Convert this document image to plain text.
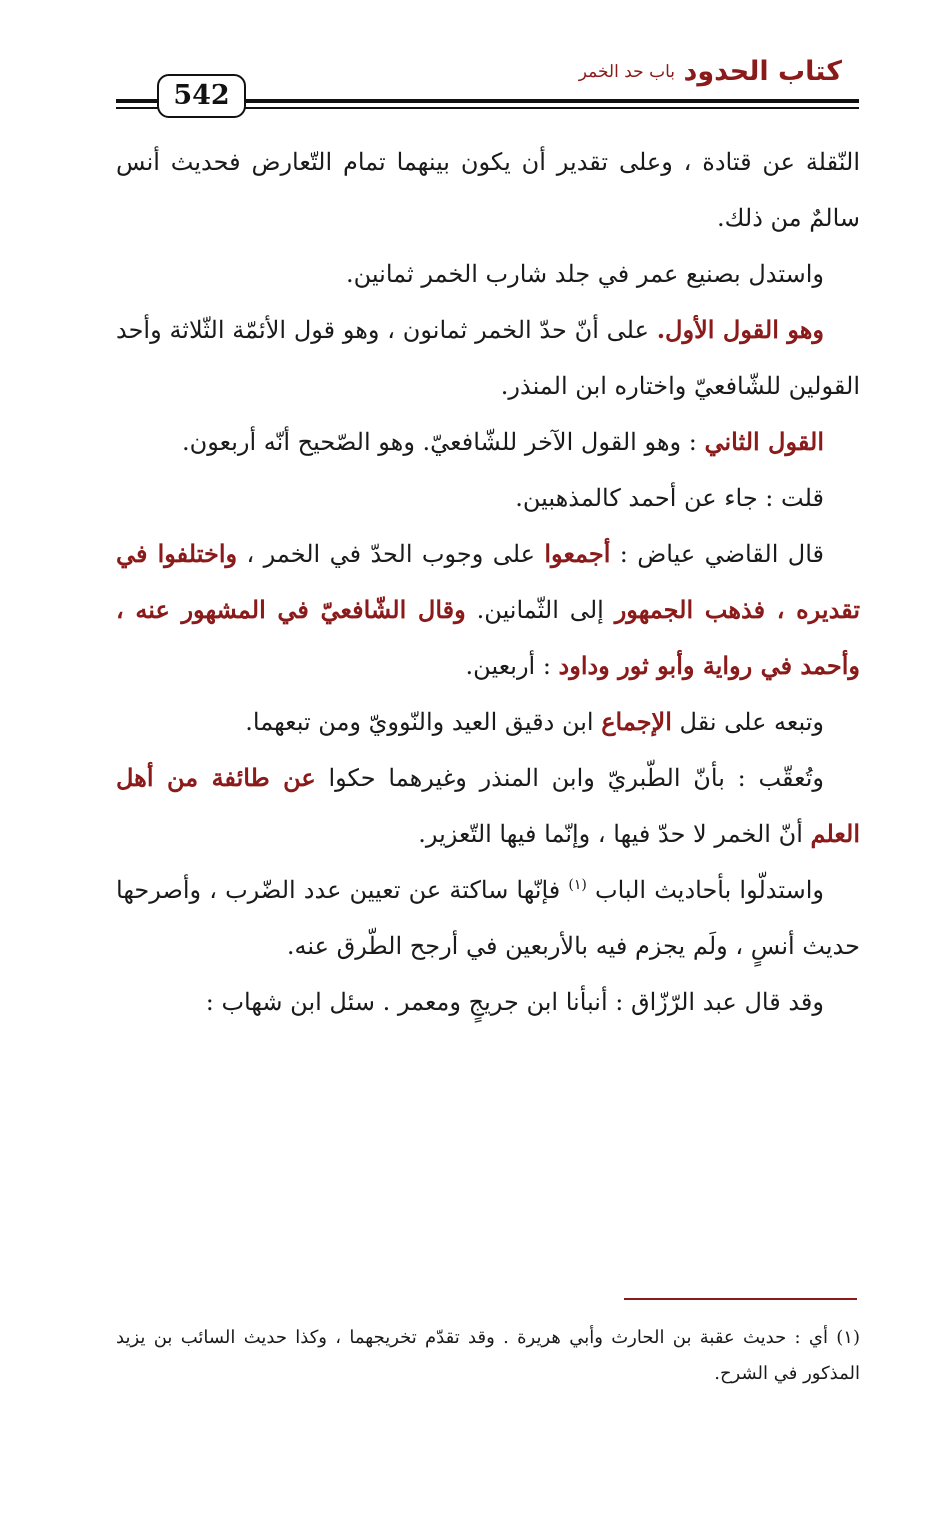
كتاب الحدود
باب حد الخمر
542

النّقلة عن قتادة ، وعلى تقدير أن يكون بينهما تمام التّعارض فحديث أنس سالمٌ من ذلك.

واستدل بصنيع عمر في جلد شارب الخمر ثمانين.

وهو القول الأول. على أنّ حدّ الخمر ثمانون ، وهو قول الأئمّة الثّلاثة وأحد القولين للشّافعيّ واختاره ابن المنذر.

القول الثاني : وهو القول الآخر للشّافعيّ. وهو الصّحيح أنّه أربعون.

قلت : جاء عن أحمد كالمذهبين.

قال القاضي عياض : أجمعوا على وجوب الحدّ في الخمر ، واختلفوا في تقديره ، فذهب الجمهور إلى الثّمانين. وقال الشّافعيّ في المشهور عنه ، وأحمد في رواية وأبو ثور وداود : أربعين.

وتبعه على نقل الإجماع ابن دقيق العيد والنّوويّ ومن تبعهما.

وتُعقّب : بأنّ الطّبريّ وابن المنذر وغيرهما حكوا عن طائفة من أهل العلم أنّ الخمر لا حدّ فيها ، وإنّما فيها التّعزير.

واستدلّوا بأحاديث الباب $^{(١)}$ فإنّها ساكتة عن تعيين عدد الضّرب ، وأصرحها حديث أنسٍ ، ولَم يجزم فيه بالأربعين في أرجح الطّرق عنه.

وقد قال عبد الرّزّاق : أنبأنا ابن جريجٍ ومعمر . سئل ابن شهاب :

(١) أي : حديث عقبة بن الحارث وأبي هريرة . وقد تقدّم تخريجهما ، وكذا حديث السائب بن يزيد المذكور في الشرح.
